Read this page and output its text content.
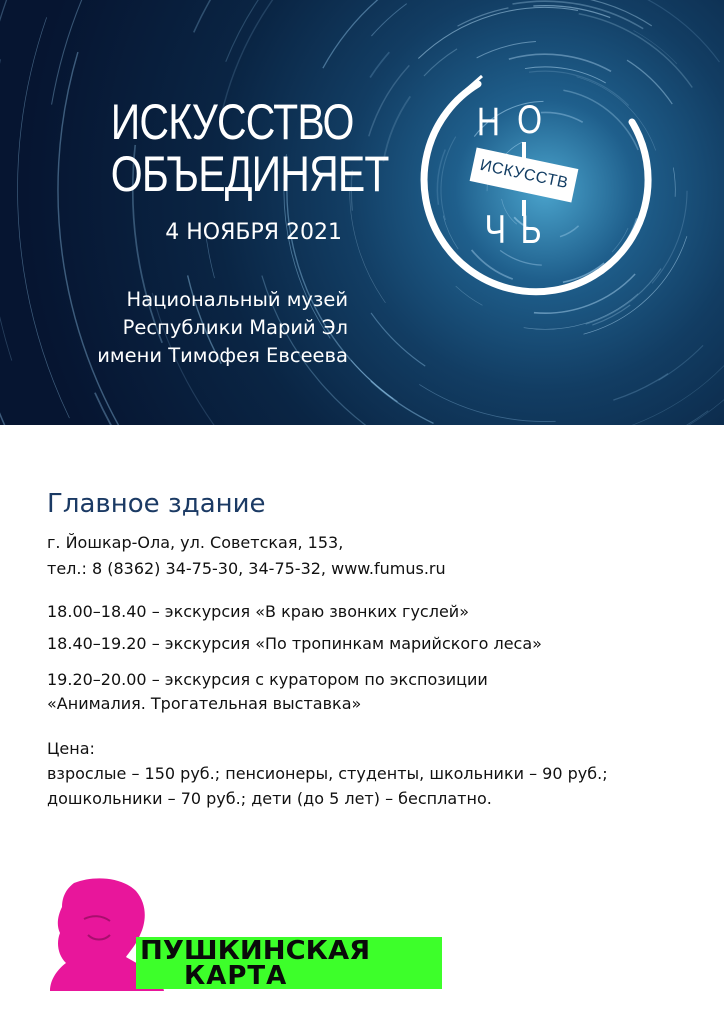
ИСКУССТВО
ОБЪЕДИНЯЕТ
4 НОЯБРЯ 2021
Национальный музей
Республики Марий Эл
имени Тимофея Евсеева
Н О
ИСКУССТВ
Ч Ь
Главное здание
г. Йошкар-Ола, ул. Советская, 153,
тел.: 8 (8362) 34-75-30, 34-75-32, www.fumus.ru
18.00–18.40 – экскурсия «В краю звонких гуслей»
18.40–19.20 – экскурсия «По тропинкам марийского леса»
19.20–20.00 – экскурсия с куратором по экспозиции
«Анималия. Трогательная выставка»
Цена:
взрослые – 150 руб.; пенсионеры, студенты, школьники – 90 руб.;
дошкольники – 70 руб.; дети (до 5 лет) – бесплатно.
ПУШКИНСКАЯ
КАРТА
